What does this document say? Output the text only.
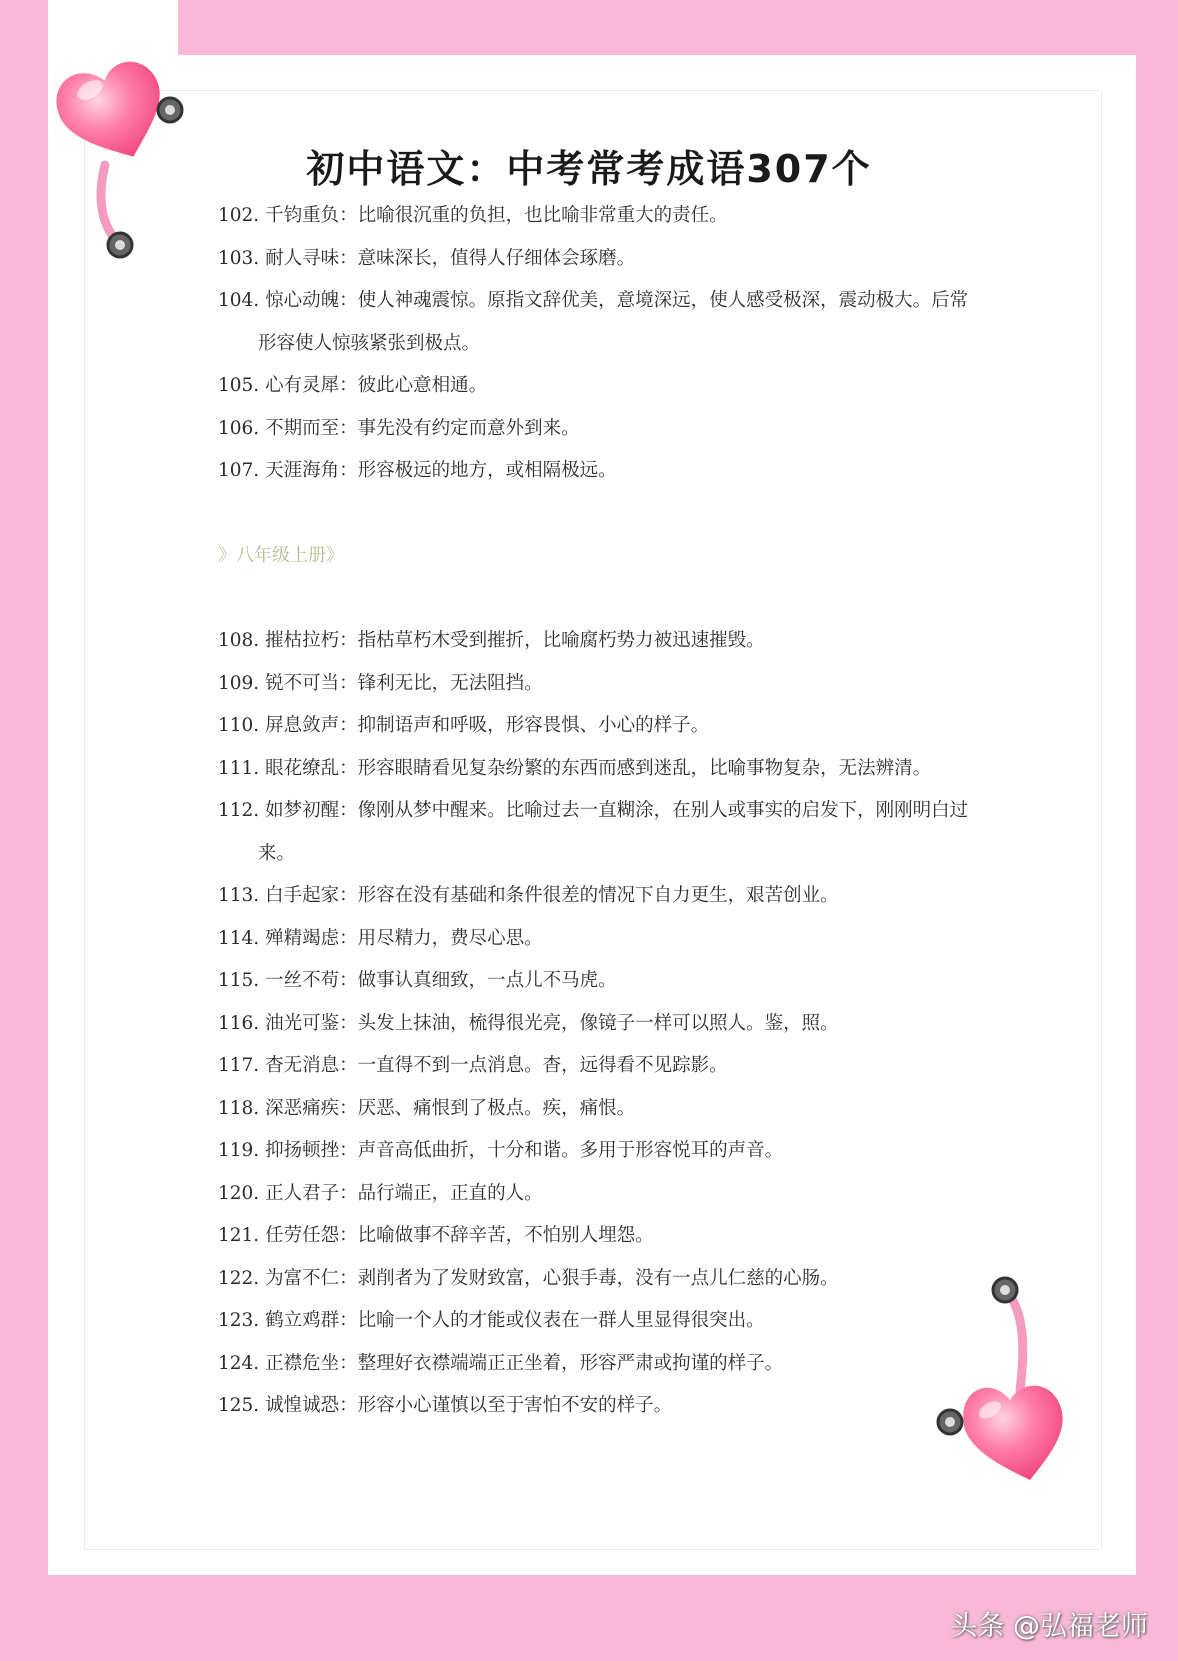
初中语文：中考常考成语307个

102. 千钧重负：比喻很沉重的负担，也比喻非常重大的责任。

103. 耐人寻味：意味深长，值得人仔细体会琢磨。

104. 惊心动魄：使人神魂震惊。原指文辞优美，意境深远，使人感受极深，震动极大。后常
形容使人惊骇紧张到极点。

105. 心有灵犀：彼此心意相通。

106. 不期而至：事先没有约定而意外到来。

107. 天涯海角：形容极远的地方，或相隔极远。

》八年级上册》

108. 摧枯拉朽：指枯草朽木受到摧折，比喻腐朽势力被迅速摧毁。

109. 锐不可当：锋利无比，无法阻挡。

110. 屏息敛声：抑制语声和呼吸，形容畏惧、小心的样子。

111. 眼花缭乱：形容眼睛看见复杂纷繁的东西而感到迷乱，比喻事物复杂，无法辨清。

112. 如梦初醒：像刚从梦中醒来。比喻过去一直糊涂，在别人或事实的启发下，刚刚明白过
来。

113. 白手起家：形容在没有基础和条件很差的情况下自力更生，艰苦创业。

114. 殚精竭虑：用尽精力，费尽心思。

115. 一丝不苟：做事认真细致，一点儿不马虎。

116. 油光可鉴：头发上抹油，梳得很光亮，像镜子一样可以照人。鉴，照。

117. 杳无消息：一直得不到一点消息。杳，远得看不见踪影。

118. 深恶痛疾：厌恶、痛恨到了极点。疾，痛恨。

119. 抑扬顿挫：声音高低曲折，十分和谐。多用于形容悦耳的声音。

120. 正人君子：品行端正，正直的人。

121. 任劳任怨：比喻做事不辞辛苦，不怕别人埋怨。

122. 为富不仁：剥削者为了发财致富，心狠手毒，没有一点儿仁慈的心肠。

123. 鹤立鸡群：比喻一个人的才能或仪表在一群人里显得很突出。

124. 正襟危坐：整理好衣襟端端正正坐着，形容严肃或拘谨的样子。

125. 诚惶诚恐：形容小心谨慎以至于害怕不安的样子。

头条 @弘福老师
